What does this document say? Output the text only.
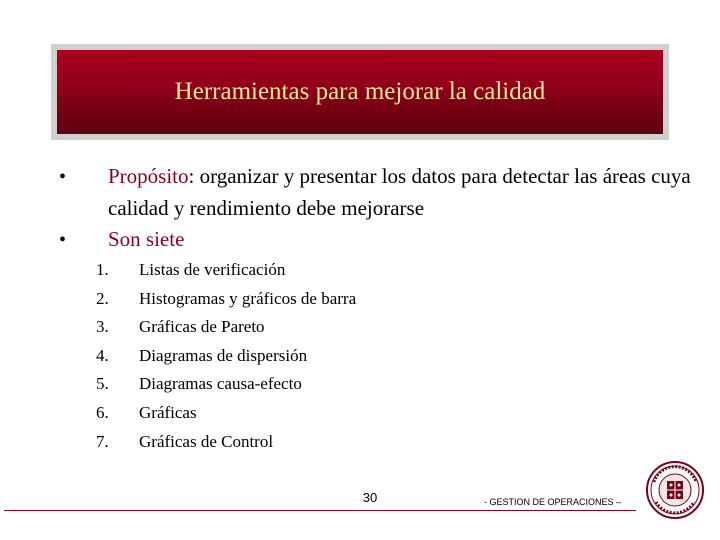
Herramientas para mejorar la calidad
• Propósito: organizar y presentar los datos para detectar las áreas cuya calidad y rendimiento debe mejorarse
• Son siete
1.	Listas de verificación
2.	Histogramas y gráficos de barra
3.	Gráficas de Pareto
4.	Diagramas de dispersión
5.	Diagramas causa-efecto
6.	Gráficas
7.	Gráficas de Control
30	- GESTION DE OPERACIONES –
